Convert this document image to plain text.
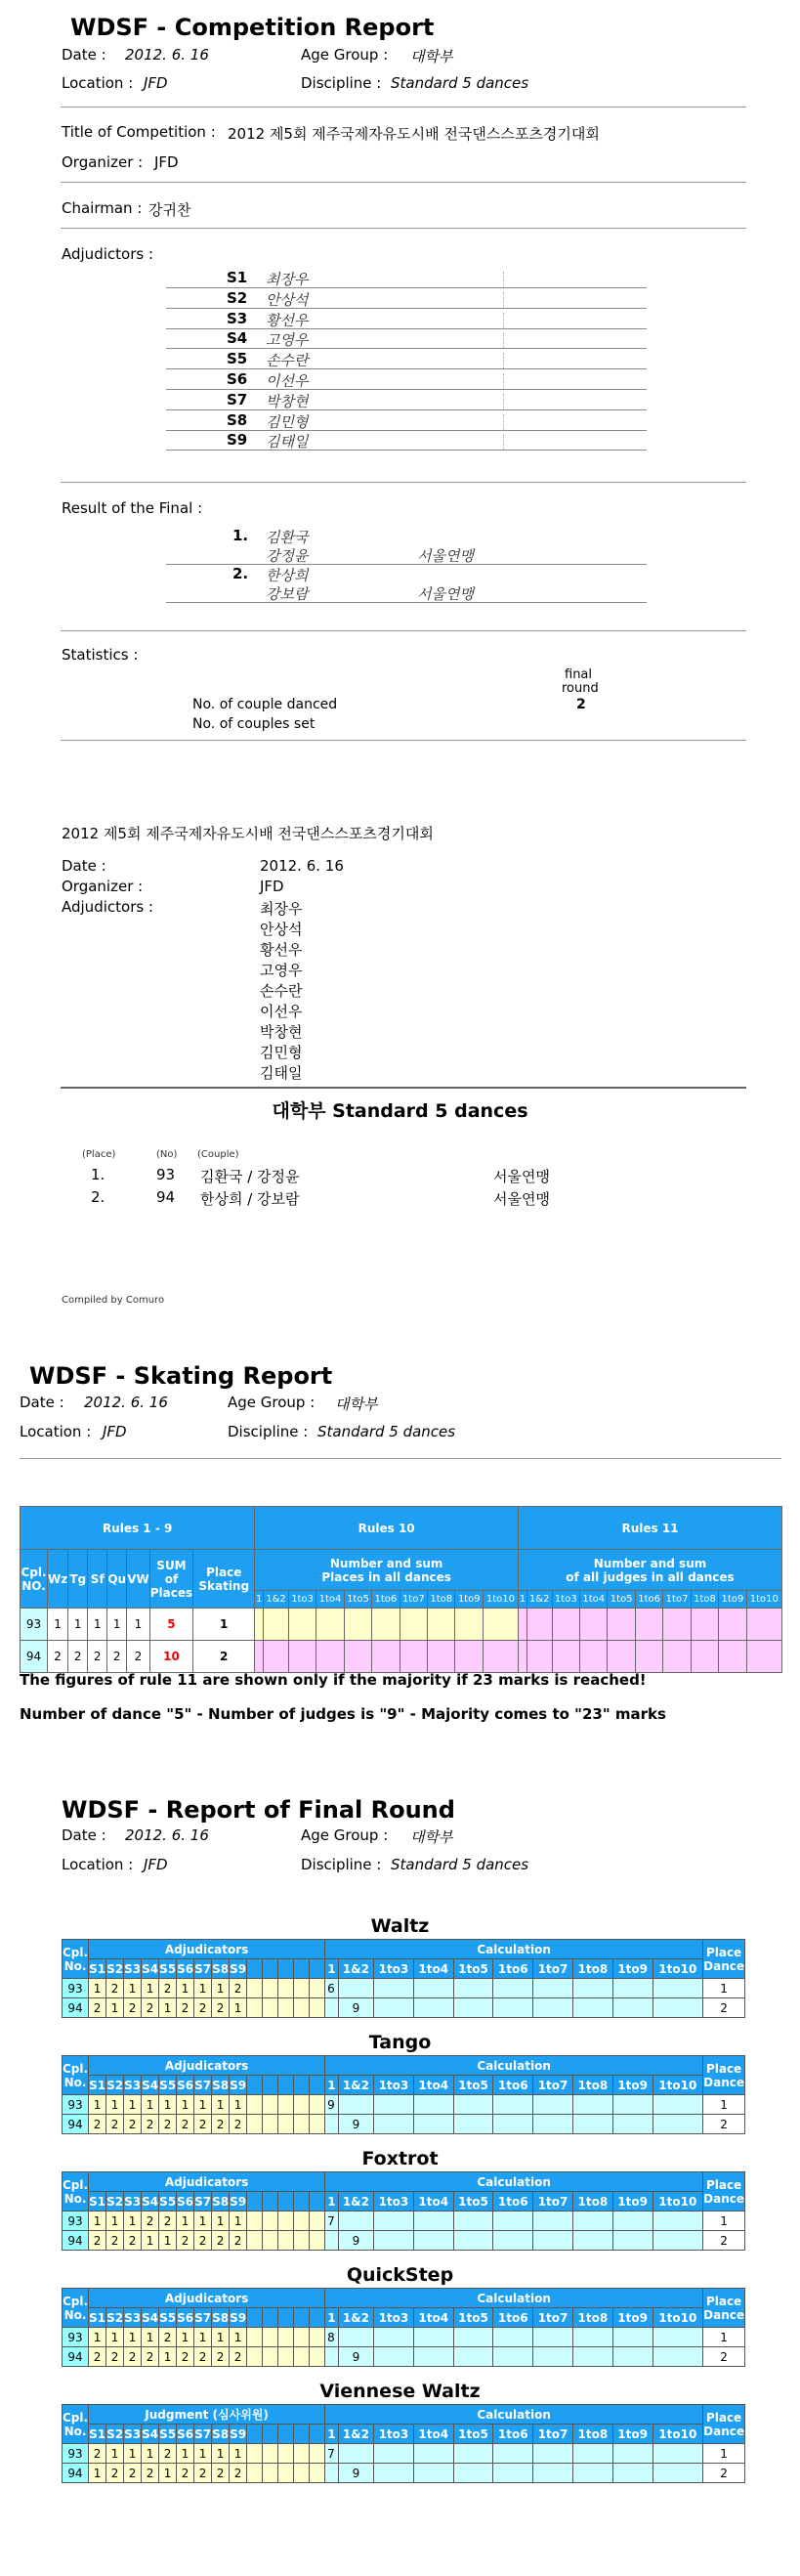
WDSF - Competition Report
Date : 2012. 6. 16	Age Group : 대학부
Location : JFD	Discipline : Standard 5 dances
Title of Competition : 2012 제5회 제주국제자유도시배 전국댄스스포츠경기대회
Organizer : JFD
Chairman : 강귀찬
Adjudictors :
S1 최장우
S2 안상석
S3 황선우
S4 고영우
S5 손수란
S6 이선우
S7 박창현
S8 김민형
S9 김태일
Result of the Final :
1. 김환국
강정윤	서울연맹
2. 한상희
강보람	서울연맹
Statistics :
final
round
No. of couple danced	2
No. of couples set
2012 제5회 제주국제자유도시배 전국댄스스포츠경기대회
Date :	2012. 6. 16
Organizer :	JFD
Adjudictors :	최장우
안상석
황선우
고영우
손수란
이선우
박창현
김민형
김태일
대학부 Standard 5 dances
(Place)	(No) (Couple)
1.	93 김환국 / 강정윤	서울연맹
2.	94 한상희 / 강보람	서울연맹
Compiled by Comuro
WDSF - Skating Report
Date : 2012. 6. 16	Age Group : 대학부
Location : JFD	Discipline : Standard 5 dances
Rules 1 - 9								Rules 10										Rules 11									
Cpl. NO.	Wz	Tg	Sf	Qu	VW	SUM of Places	Place Skating	Number and sum
Places in all dances										Number and sum
of all judges in all dances									
								1	1&2	1to3	1to4	1to5	1to6	1to7	1to8	1to9	1to10	1	1&2	1to3	1to4	1to5	1to6	1to7	1to8	1to9	1to10
93	1	1	1	1	1	5	1																				
94	2	2	2	2	2	10	2																				
The figures of rule 11 are shown only if the majority if 23 marks is reached!
Number of dance "5" - Number of judges is "9" - Majority comes to "23" marks
WDSF - Report of Final Round
Date : 2012. 6. 16	Age Group : 대학부
Location : JFD	Discipline : Standard 5 dances
Waltz
Cpl. No.	Adjudicators														Calculation										Place Dance
	S1	S2	S3	S4	S5	S6	S7	S8	S9						1	1&2	1to3	1to4	1to5	1to6	1to7	1to8	1to9	1to10	
93	1	2	1	1	2	1	1	1	2						6										1
94	2	1	2	2	1	2	2	2	1							9									2
Tango
Cpl. No.	Adjudicators														Calculation										Place Dance
	S1	S2	S3	S4	S5	S6	S7	S8	S9						1	1&2	1to3	1to4	1to5	1to6	1to7	1to8	1to9	1to10	
93	1	1	1	1	1	1	1	1	1						9										1
94	2	2	2	2	2	2	2	2	2							9									2
Foxtrot
Cpl. No.	Adjudicators														Calculation										Place Dance
	S1	S2	S3	S4	S5	S6	S7	S8	S9						1	1&2	1to3	1to4	1to5	1to6	1to7	1to8	1to9	1to10	
93	1	1	1	2	2	1	1	1	1						7										1
94	2	2	2	1	1	2	2	2	2							9									2
QuickStep
Cpl. No.	Adjudicators														Calculation										Place Dance
	S1	S2	S3	S4	S5	S6	S7	S8	S9						1	1&2	1to3	1to4	1to5	1to6	1to7	1to8	1to9	1to10	
93	1	1	1	1	2	1	1	1	1						8										1
94	2	2	2	2	1	2	2	2	2							9									2
Viennese Waltz
Cpl. No.	Judgment (심사위원)														Calculation										Place Dance
	S1	S2	S3	S4	S5	S6	S7	S8	S9						1	1&2	1to3	1to4	1to5	1to6	1to7	1to8	1to9	1to10	
93	2	1	1	1	2	1	1	1	1						7										1
94	1	2	2	2	1	2	2	2	2							9									2
